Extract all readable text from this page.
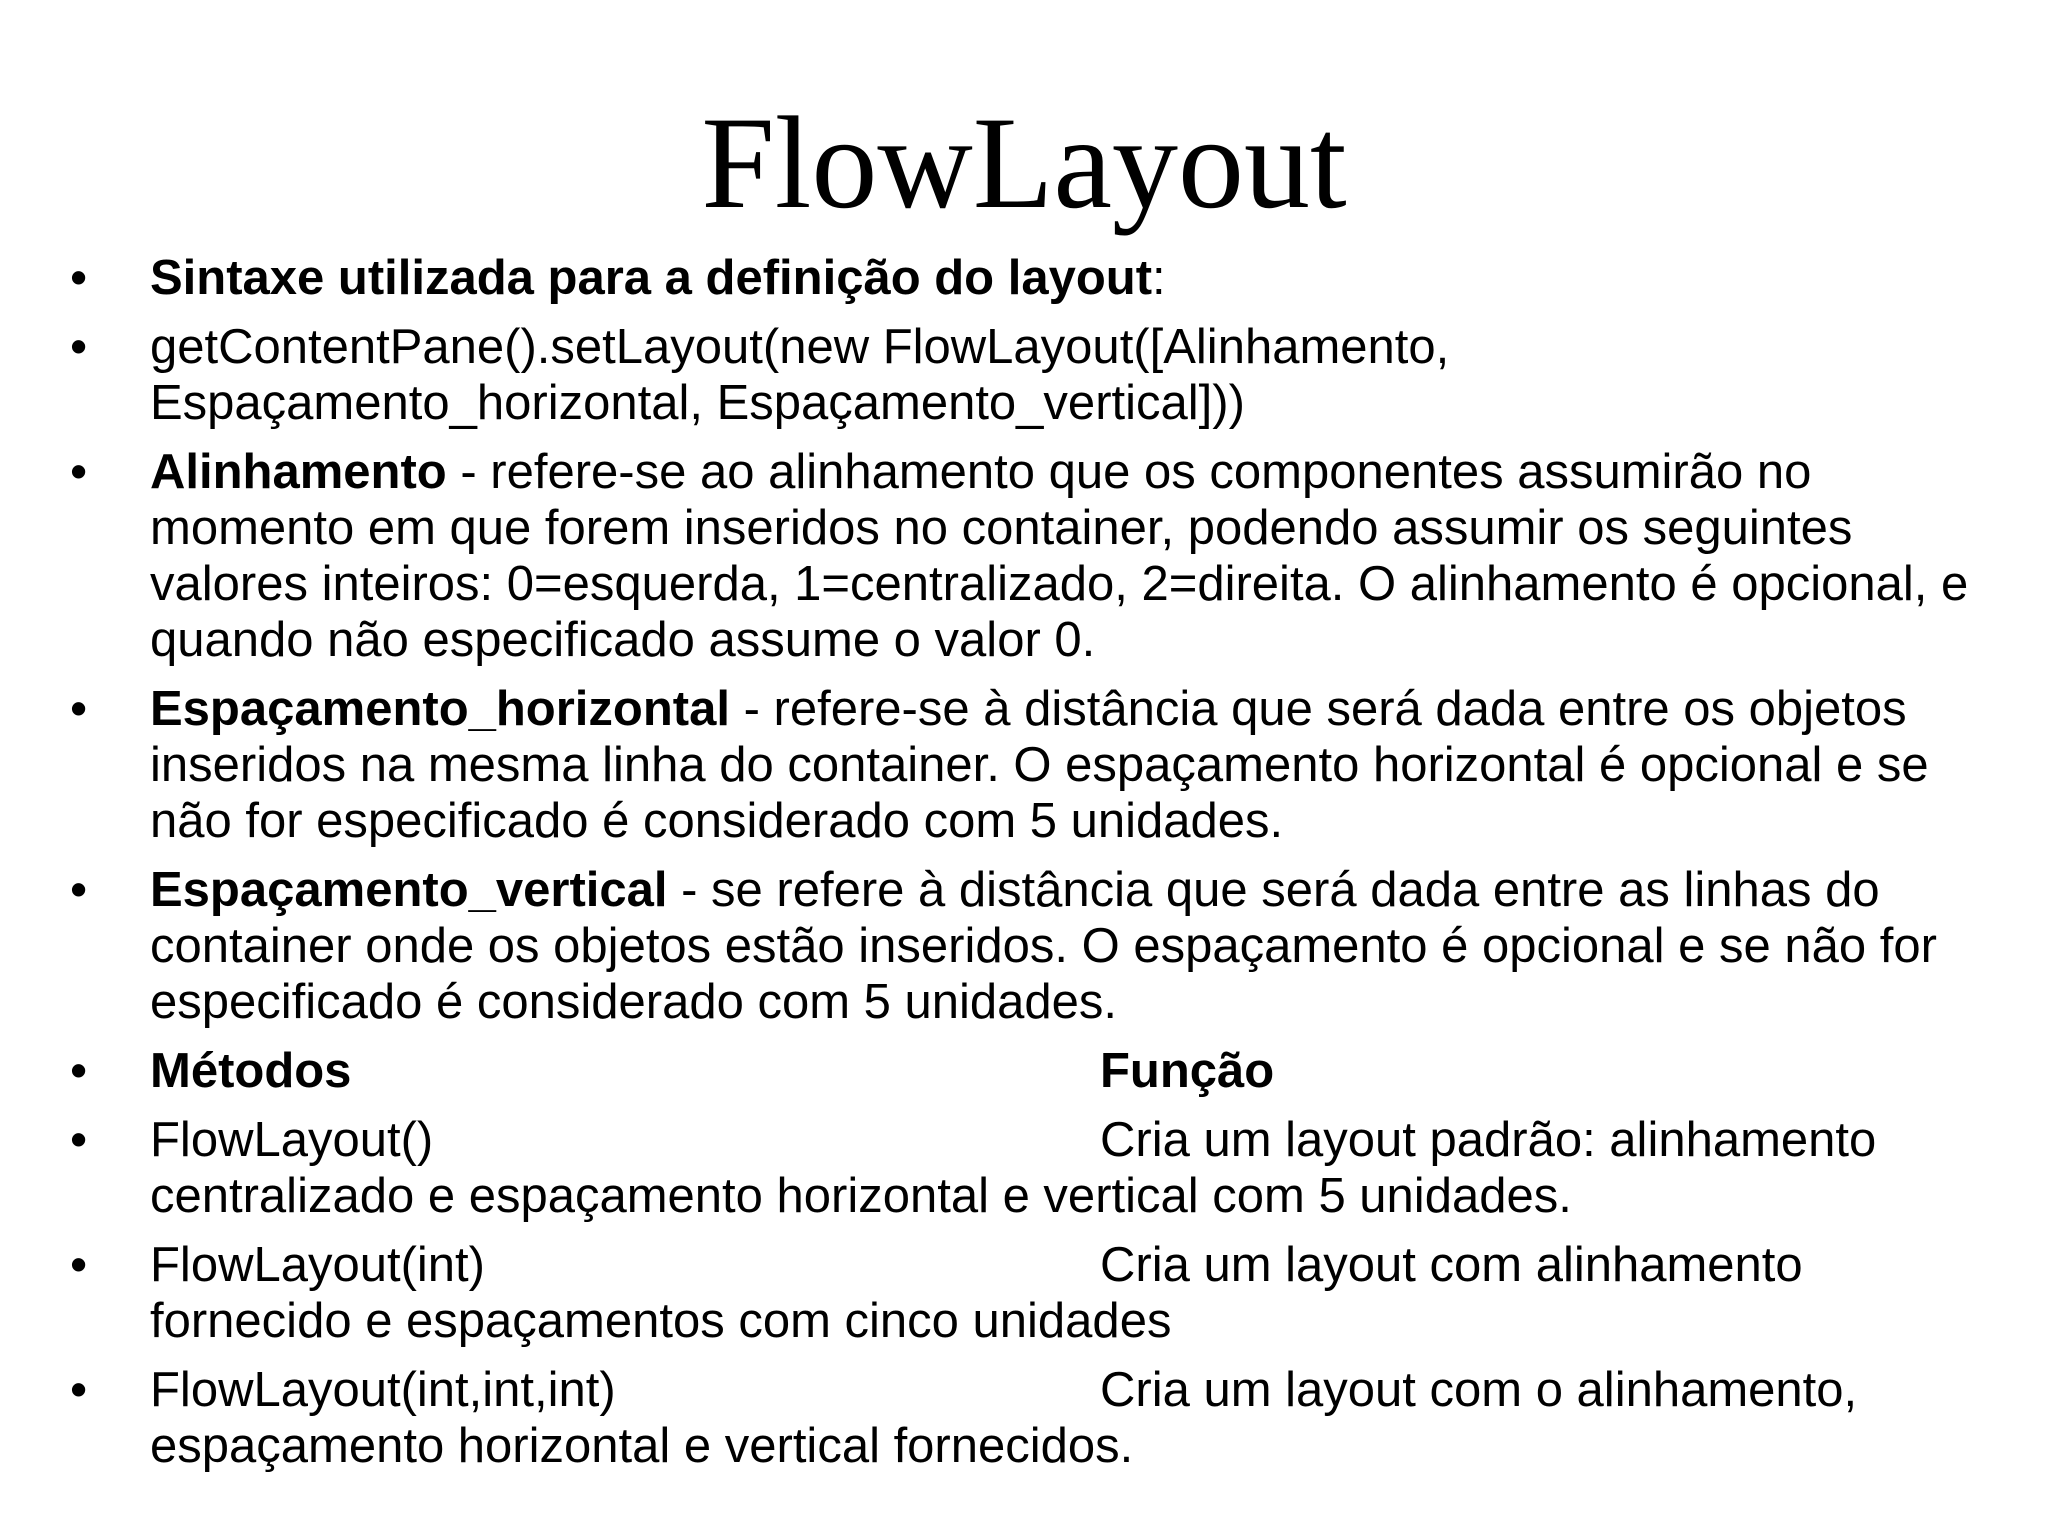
FlowLayout
•	Sintaxe utilizada para a definição do layout:
•	getContentPane().setLayout(new FlowLayout([Alinhamento, Espaçamento_horizontal, Espaçamento_vertical]))
•	Alinhamento - refere-se ao alinhamento que os componentes assumirão no momento em que forem inseridos no container, podendo assumir os seguintes valores inteiros: 0=esquerda, 1=centralizado, 2=direita. O alinhamento é opcional, e quando não especificado assume o valor 0.
•	Espaçamento_horizontal - refere-se à distância que será dada entre os objetos inseridos na mesma linha do container. O espaçamento horizontal é opcional e se não for especificado é considerado com 5 unidades.
•	Espaçamento_vertical - se refere à distância que será dada entre as linhas do container onde os objetos estão inseridos. O espaçamento é opcional e se não for especificado é considerado com 5 unidades.
•	Métodos	Função
•	FlowLayout()	Cria um layout padrão: alinhamento centralizado e espaçamento horizontal e vertical com 5 unidades.
•	FlowLayout(int)	Cria um layout com alinhamento fornecido e espaçamentos com cinco unidades
•	FlowLayout(int,int,int)	Cria um layout com o alinhamento, espaçamento horizontal e vertical fornecidos.
